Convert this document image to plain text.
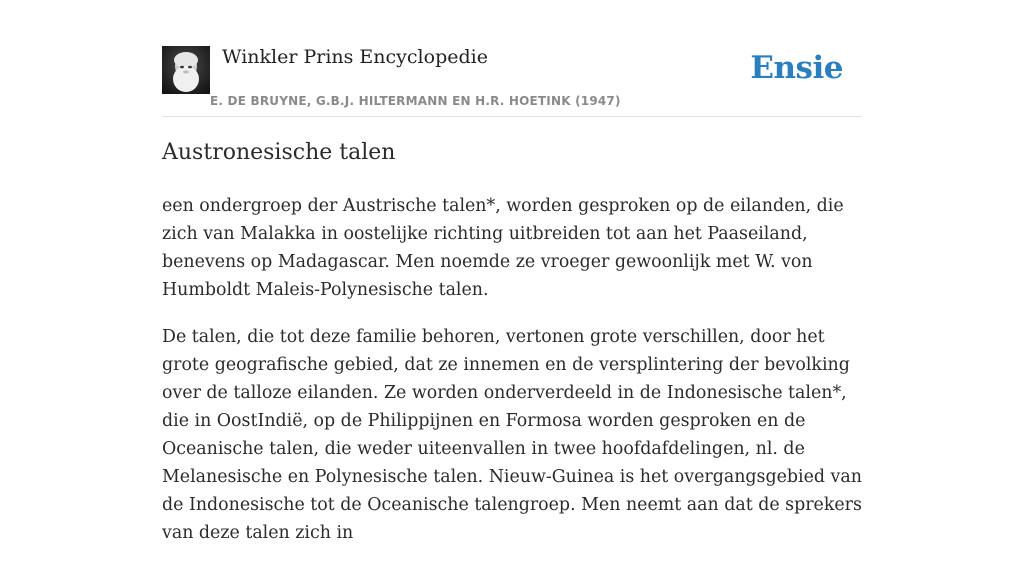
Winkler Prins Encyclopedie
E. DE BRUYNE, G.B.J. HILTERMANN EN H.R. HOETINK (1947)
Ensie
Austronesische talen

een ondergroep der Austrische talen*, worden gesproken op de eilanden, die zich van Malakka in oostelijke richting uitbreiden tot aan het Paaseiland, benevens op Madagascar. Men noemde ze vroeger gewoonlijk met W. von Humboldt Maleis-Polynesische talen.

De talen, die tot deze familie behoren, vertonen grote verschillen, door het grote geografische gebied, dat ze innemen en de versplintering der bevolking over de talloze eilanden. Ze worden onderverdeeld in de Indonesische talen*, die in OostIndië, op de Philippijnen en Formosa worden gesproken en de Oceanische talen, die weder uiteenvallen in twee hoofdafdelingen, nl. de Melanesische en Polynesische talen. Nieuw-Guinea is het overgangsgebied van de Indonesische tot de Oceanische talengroep. Men neemt aan dat de sprekers van deze talen zich in
